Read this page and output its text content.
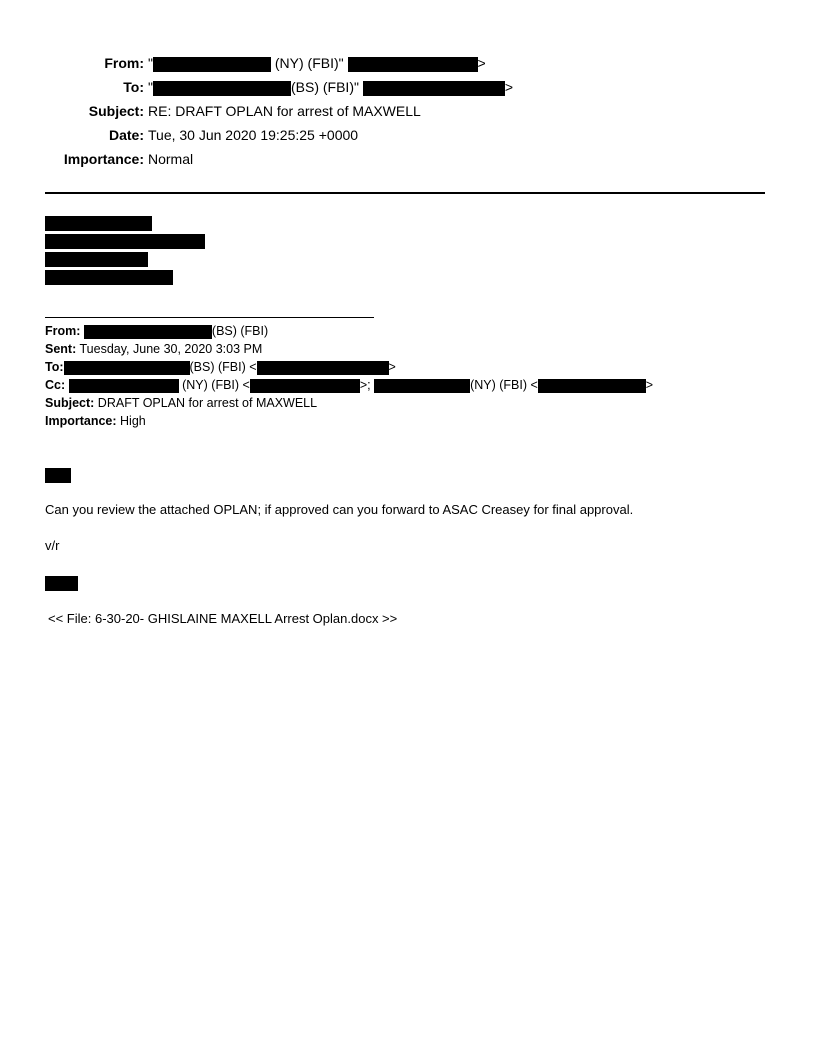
From: "	(NY) (FBI)"	>
To: "	(BS) (FBI)"	>
Subject: RE: DRAFT OPLAN for arrest of MAXWELL
Date: Tue, 30 Jun 2020 19:25:25 +0000
Importance: Normal
From:	(BS) (FBI)
Sent: Tuesday, June 30, 2020 3:03 PM
To:	(BS) (FBI) <	>
Cc:	(NY) (FBI) <	>;	(NY) (FBI) <	>
Subject: DRAFT OPLAN for arrest of MAXWELL
Importance: High
Can you review the attached OPLAN; if approved can you forward to ASAC Creasey for final approval.
v/r
<< File: 6-30-20- GHISLAINE MAXELL Arrest Oplan.docx >>
